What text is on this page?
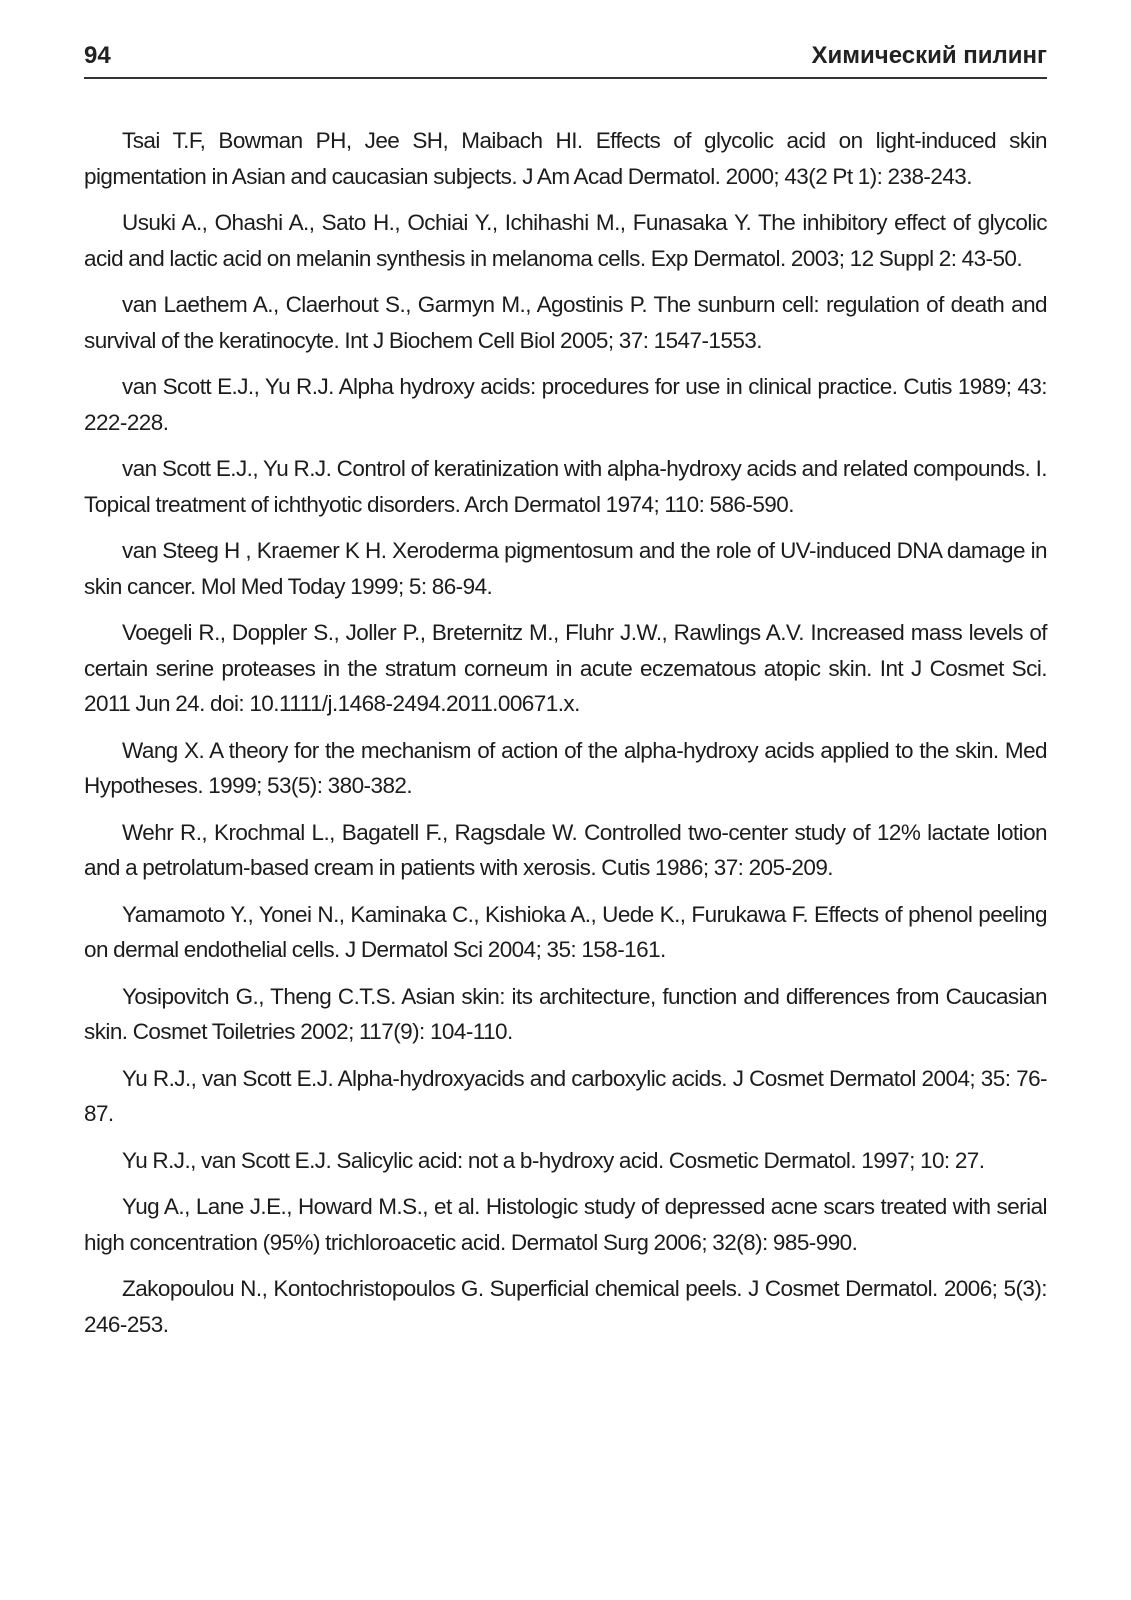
94	Химический пилинг
Tsai T.F, Bowman PH, Jee SH, Maibach HI. Effects of glycolic acid on light-induced skin pigmentation in Asian and caucasian subjects. J Am Acad Dermatol. 2000; 43(2 Pt 1): 238-243.
Usuki A., Ohashi A., Sato H., Ochiai Y., Ichihashi M., Funasaka Y. The inhibitory effect of glycolic acid and lactic acid on melanin synthesis in melanoma cells. Exp Dermatol. 2003; 12 Suppl 2: 43-50.
van Laethem A., Claerhout S., Garmyn M., Agostinis P. The sunburn cell: regulation of death and survival of the keratinocyte. Int J Biochem Cell Biol 2005; 37: 1547-1553.
van Scott E.J., Yu R.J. Alpha hydroxy acids: procedures for use in clinical practice. Cutis 1989; 43: 222-228.
van Scott E.J., Yu R.J. Control of keratinization with alpha-hydroxy acids and related compounds. I. Topical treatment of ichthyotic disorders. Arch Dermatol 1974; 110: 586-590.
van Steeg H , Kraemer K H. Xeroderma pigmentosum and the role of UV-induced DNA damage in skin cancer. Mol Med Today 1999; 5: 86-94.
Voegeli R., Doppler S., Joller P., Breternitz M., Fluhr J.W., Rawlings A.V. Increased mass levels of certain serine proteases in the stratum corneum in acute eczematous atopic skin. Int J Cosmet Sci. 2011 Jun 24. doi: 10.1111/j.1468-2494.2011.00671.x.
Wang X. A theory for the mechanism of action of the alpha-hydroxy acids applied to the skin. Med Hypotheses. 1999; 53(5): 380-382.
Wehr R., Krochmal L., Bagatell F., Ragsdale W. Controlled two-center study of 12% lactate lotion and a petrolatum-based cream in patients with xerosis. Cutis 1986; 37: 205-209.
Yamamoto Y., Yonei N., Kaminaka C., Kishioka A., Uede K., Furukawa F. Effects of phenol peeling on dermal endothelial cells. J Dermatol Sci 2004; 35: 158-161.
Yosipovitch G., Theng C.T.S. Asian skin: its architecture, function and differences from Caucasian skin. Cosmet Toiletries 2002; 117(9): 104-110.
Yu R.J., van Scott E.J. Alpha-hydroxyacids and carboxylic acids. J Cosmet Dermatol 2004; 35: 76-87.
Yu R.J., van Scott E.J. Salicylic acid: not a b-hydroxy acid. Cosmetic Dermatol. 1997; 10: 27.
Yug A., Lane J.E., Howard M.S., et al. Histologic study of depressed acne scars treated with serial high concentration (95%) trichloroacetic acid. Dermatol Surg 2006; 32(8): 985-990.
Zakopoulou N., Kontochristopoulos G. Superficial chemical peels. J Cosmet Dermatol. 2006; 5(3): 246-253.
